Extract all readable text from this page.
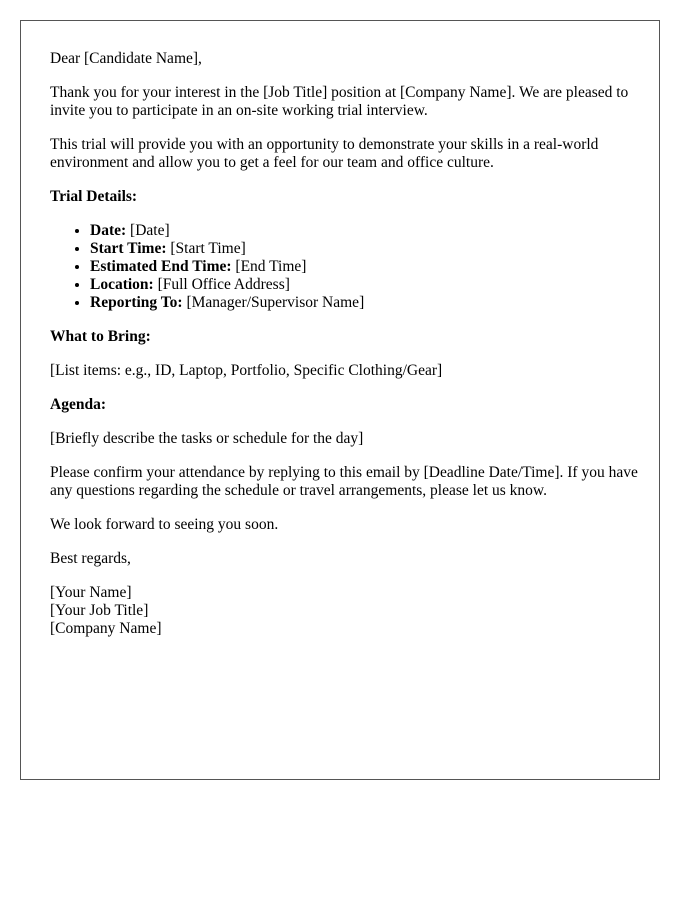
Dear [Candidate Name],

Thank you for your interest in the [Job Title] position at [Company Name]. We are pleased to invite you to participate in an on-site working trial interview.

This trial will provide you with an opportunity to demonstrate your skills in a real-world environment and allow you to get a feel for our team and office culture.

Trial Details:

• Date: [Date]
• Start Time: [Start Time]
• Estimated End Time: [End Time]
• Location: [Full Office Address]
• Reporting To: [Manager/Supervisor Name]

What to Bring:

[List items: e.g., ID, Laptop, Portfolio, Specific Clothing/Gear]

Agenda:

[Briefly describe the tasks or schedule for the day]

Please confirm your attendance by replying to this email by [Deadline Date/Time]. If you have any questions regarding the schedule or travel arrangements, please let us know.

We look forward to seeing you soon.

Best regards,

[Your Name]
[Your Job Title]
[Company Name]
